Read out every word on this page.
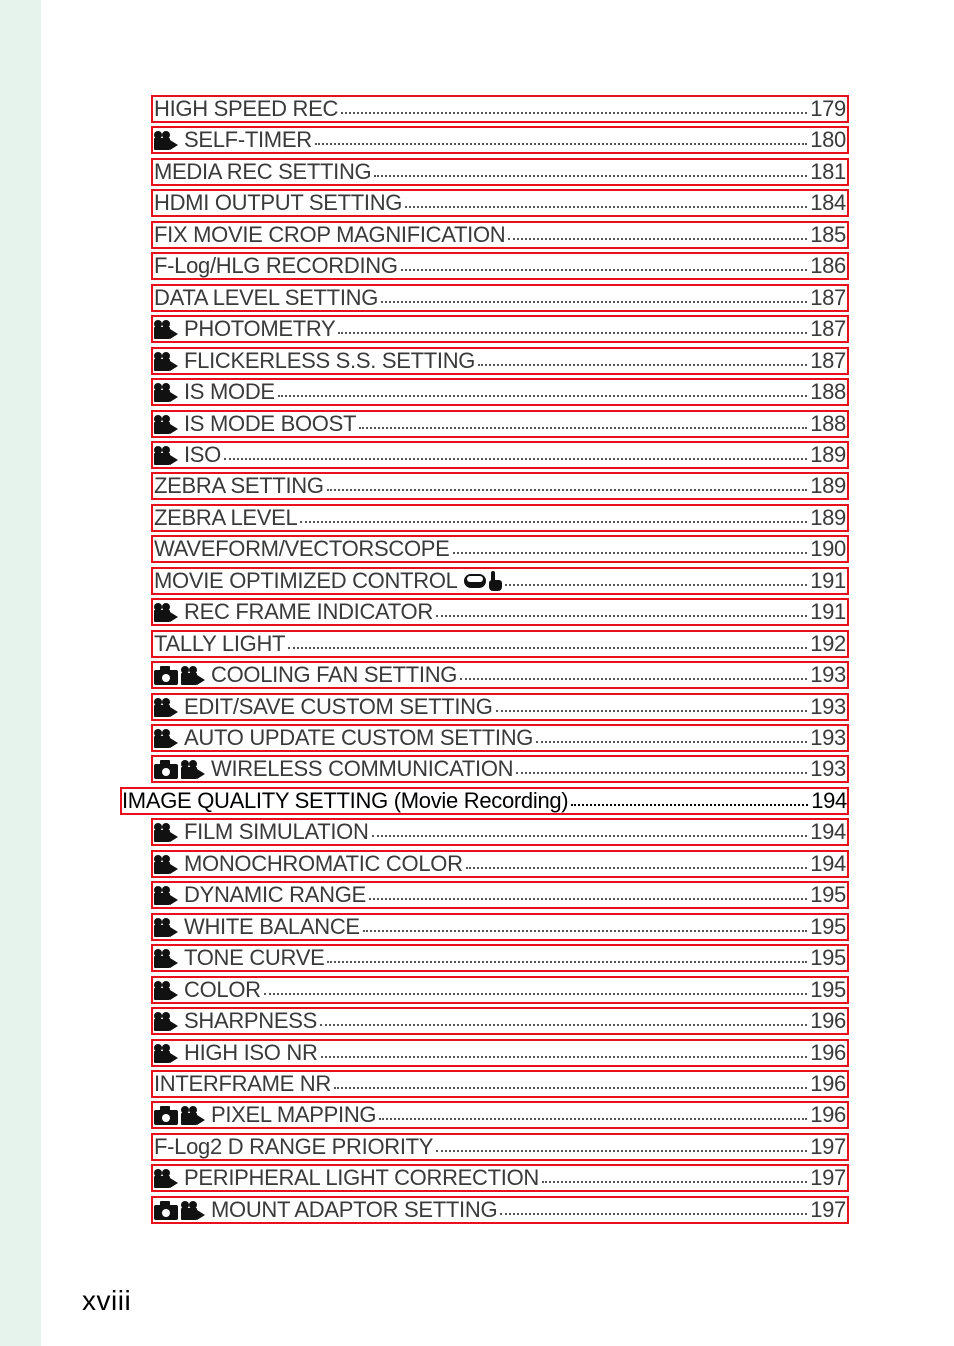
HIGH SPEED REC	179
SELF-TIMER	180
MEDIA REC SETTING	181
HDMI OUTPUT SETTING	184
FIX MOVIE CROP MAGNIFICATION	185
F-Log/HLG RECORDING	186
DATA LEVEL SETTING	187
PHOTOMETRY	187
FLICKERLESS S.S. SETTING	187
IS MODE	188
IS MODE BOOST	188
ISO	189
ZEBRA SETTING	189
ZEBRA LEVEL	189
WAVEFORM/VECTORSCOPE	190
MOVIE OPTIMIZED CONTROL	191
REC FRAME INDICATOR	191
TALLY LIGHT	192
COOLING FAN SETTING	193
EDIT/SAVE CUSTOM SETTING	193
AUTO UPDATE CUSTOM SETTING	193
WIRELESS COMMUNICATION	193
IMAGE QUALITY SETTING (Movie Recording)	194
FILM SIMULATION	194
MONOCHROMATIC COLOR	194
DYNAMIC RANGE	195
WHITE BALANCE	195
TONE CURVE	195
COLOR	195
SHARPNESS	196
HIGH ISO NR	196
INTERFRAME NR	196
PIXEL MAPPING	196
F-Log2 D RANGE PRIORITY	197
PERIPHERAL LIGHT CORRECTION	197
MOUNT ADAPTOR SETTING	197
xviii
